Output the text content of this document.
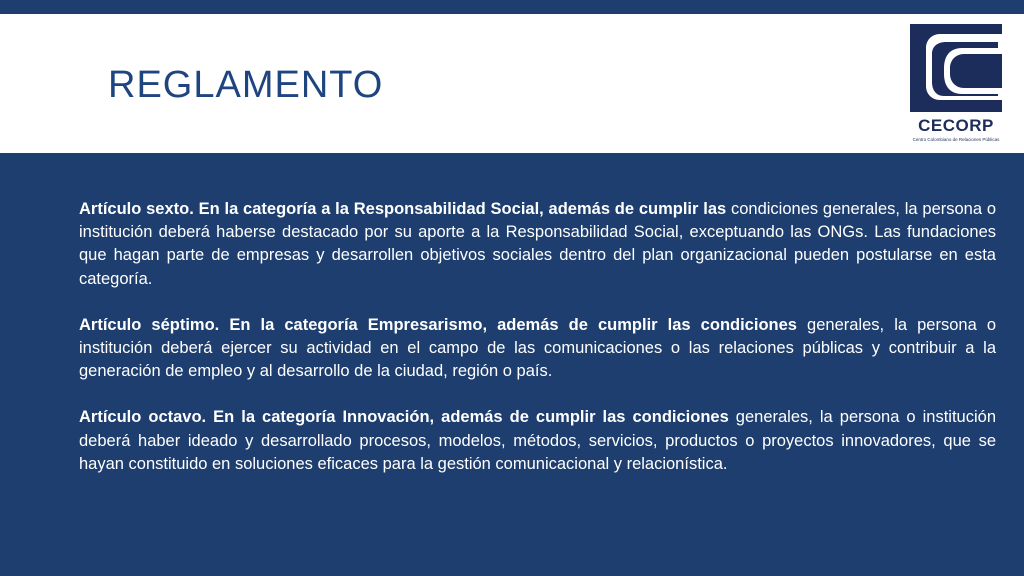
REGLAMENTO
CECORP
Centro Colombiano de Relaciones Públicas

Artículo sexto. En la categoría a la Responsabilidad Social, además de cumplir las condiciones generales, la persona o institución deberá haberse destacado por su aporte a la Responsabilidad Social, exceptuando las ONGs. Las fundaciones que hagan parte de empresas y desarrollen objetivos sociales dentro del plan organizacional pueden postularse en esta categoría.

Artículo séptimo. En la categoría Empresarismo, además de cumplir las condiciones generales, la persona o institución deberá ejercer su actividad en el campo de las comunicaciones o las relaciones públicas y contribuir a la generación de empleo y al desarrollo de la ciudad, región o país.

Artículo octavo. En la categoría Innovación, además de cumplir las condiciones generales, la persona o institución deberá haber ideado y desarrollado procesos, modelos, métodos, servicios, productos o proyectos innovadores, que se hayan constituido en soluciones eficaces para la gestión comunicacional y relacionística.
